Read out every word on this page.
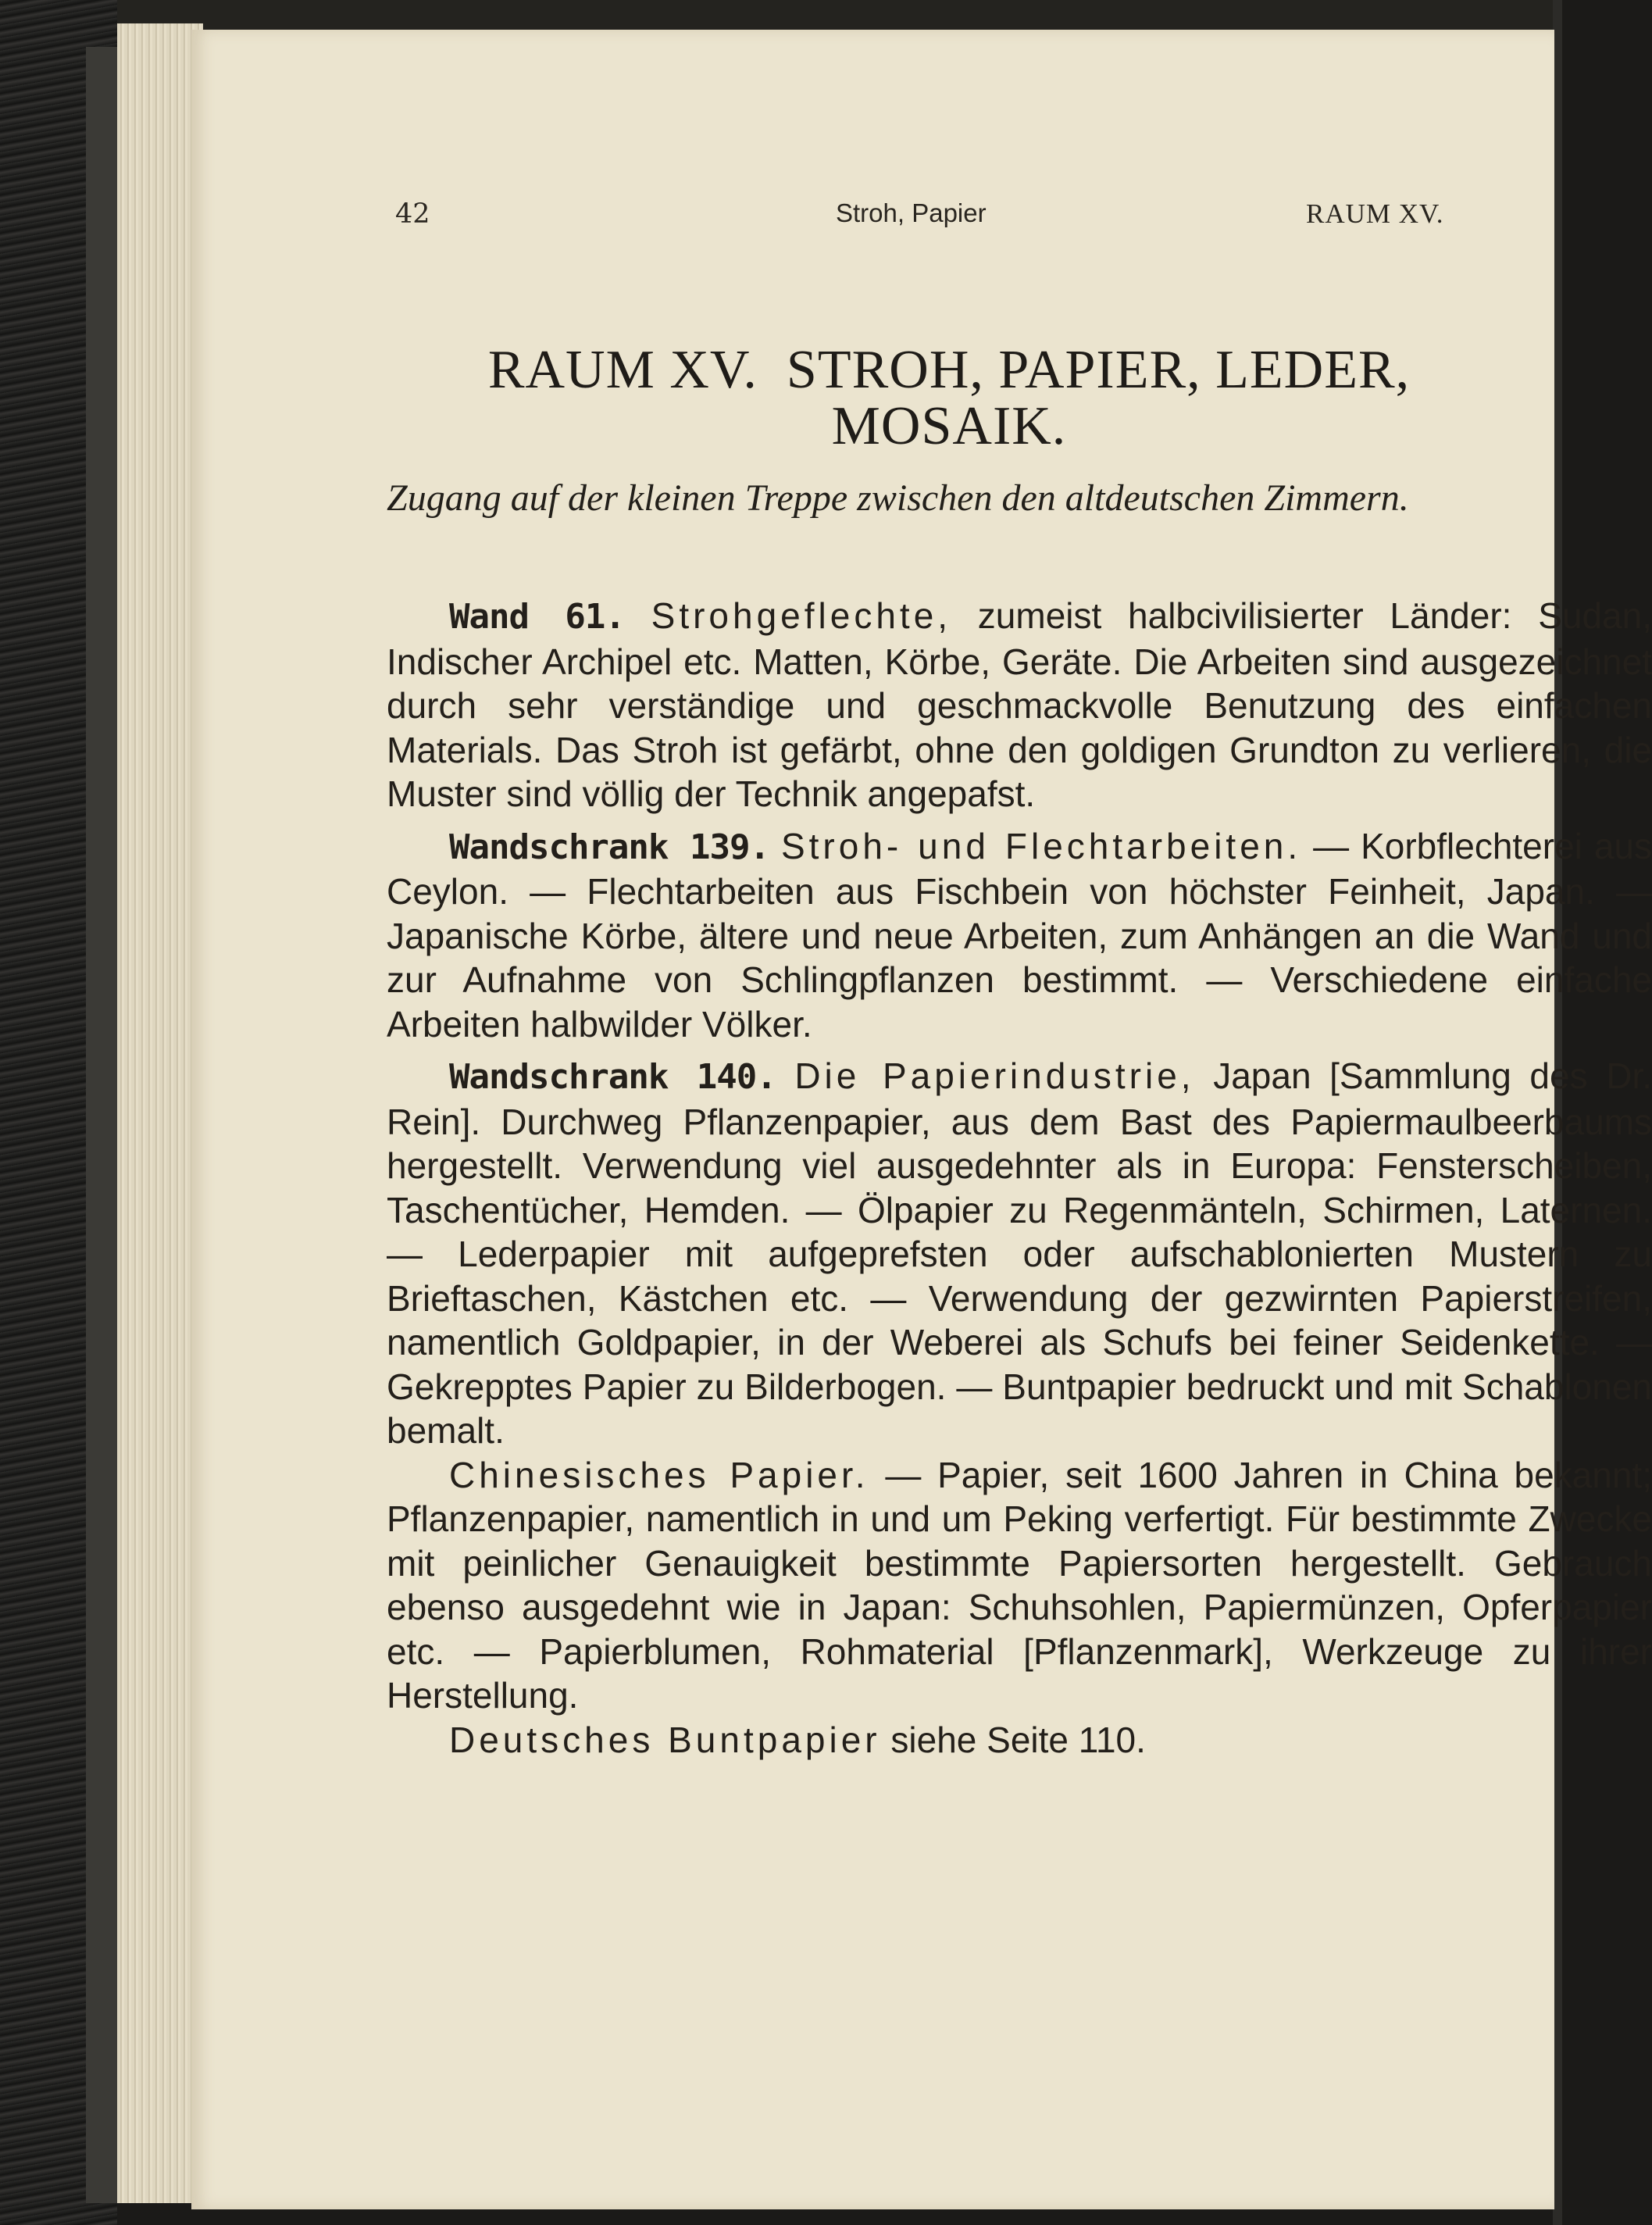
42	Stroh, Papier	RAUM XV.
RAUM XV.  STROH, PAPIER, LEDER,
MOSAIK.
Zugang auf der kleinen Treppe zwischen den altdeutschen Zimmern.

Wand 61. Strohgeflechte, zumeist halbcivilisierter Länder: Sudan, Indischer Archipel etc. Matten, Körbe, Geräte. Die Arbeiten sind ausgezeichnet durch sehr verständige und geschmackvolle Benutzung des einfachen Materials. Das Stroh ist gefärbt, ohne den goldigen Grundton zu verlieren, die Muster sind völlig der Technik angepafst.

Wandschrank 139. Stroh- und Flechtarbeiten. — Korbflechterei aus Ceylon. — Flechtarbeiten aus Fischbein von höchster Feinheit, Japan. — Japanische Körbe, ältere und neue Arbeiten, zum Anhängen an die Wand und zur Aufnahme von Schlingpflanzen bestimmt. — Verschiedene einfache Arbeiten halbwilder Völker.

Wandschrank 140. Die Papierindustrie, Japan [Sammlung des Dr. Rein]. Durchweg Pflanzenpapier, aus dem Bast des Papiermaulbeerbaums hergestellt. Verwendung viel ausgedehnter als in Europa: Fensterscheiben, Taschentücher, Hemden. — Ölpapier zu Regenmänteln, Schirmen, Laternen. — Lederpapier mit aufgeprefsten oder aufschablonierten Mustern zu Brieftaschen, Kästchen etc. — Verwendung der gezwirnten Papierstreifen, namentlich Goldpapier, in der Weberei als Schufs bei feiner Seidenkette. — Gekrepptes Papier zu Bilderbogen. — Buntpapier bedruckt und mit Schablonen bemalt.

Chinesisches Papier. — Papier, seit 1600 Jahren in China bekannt; Pflanzenpapier, namentlich in und um Peking verfertigt. Für bestimmte Zwecke mit peinlicher Genauigkeit bestimmte Papiersorten hergestellt. Gebrauch ebenso ausgedehnt wie in Japan: Schuhsohlen, Papiermünzen, Opferpapier etc. — Papierblumen, Rohmaterial [Pflanzenmark], Werkzeuge zu ihrer Herstellung.

Deutsches Buntpapier siehe Seite 110.
